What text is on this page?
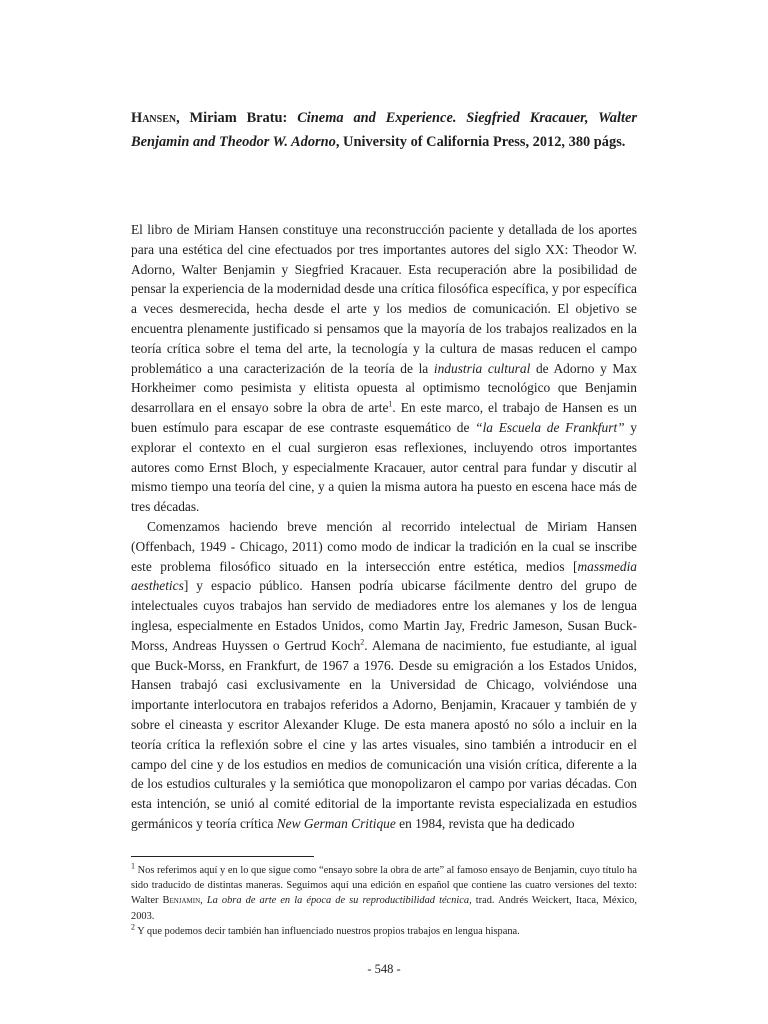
Hansen, Miriam Bratu: Cinema and Experience. Siegfried Kracauer, Walter Benjamin and Theodor W. Adorno, University of California Press, 2012, 380 págs.

El libro de Miriam Hansen constituye una reconstrucción paciente y detallada de los aportes para una estética del cine efectuados por tres importantes autores del siglo XX: Theodor W. Adorno, Walter Benjamin y Siegfried Kracauer. Esta recuperación abre la posibilidad de pensar la experiencia de la modernidad desde una crítica filosófica específica, y por específica a veces desmerecida, hecha desde el arte y los medios de comunicación. El objetivo se encuentra plenamente justificado si pensamos que la mayoría de los trabajos realizados en la teoría crítica sobre el tema del arte, la tecnología y la cultura de masas reducen el campo problemático a una caracterización de la teoría de la industria cultural de Adorno y Max Horkheimer como pesimista y elitista opuesta al optimismo tecnológico que Benjamin desarrollara en el ensayo sobre la obra de arte$^1$. En este marco, el trabajo de Hansen es un buen estímulo para escapar de ese contraste esquemático de “la Escuela de Frankfurt” y explorar el contexto en el cual surgieron esas reflexiones, incluyendo otros importantes autores como Ernst Bloch, y especialmente Kracauer, autor central para fundar y discutir al mismo tiempo una teoría del cine, y a quien la misma autora ha puesto en escena hace más de tres décadas.

Comenzamos haciendo breve mención al recorrido intelectual de Miriam Hansen (Offenbach, 1949 - Chicago, 2011) como modo de indicar la tradición en la cual se inscribe este problema filosófico situado en la intersección entre estética, medios [massmedia aesthetics] y espacio público. Hansen podría ubicarse fácilmente dentro del grupo de intelectuales cuyos trabajos han servido de mediadores entre los alemanes y los de lengua inglesa, especialmente en Estados Unidos, como Martin Jay, Fredric Jameson, Susan Buck-Morss, Andreas Huyssen o Gertrud Koch$^2$. Alemana de nacimiento, fue estudiante, al igual que Buck-Morss, en Frankfurt, de 1967 a 1976. Desde su emigración a los Estados Unidos, Hansen trabajó casi exclusivamente en la Universidad de Chicago, volviéndose una importante interlocutora en trabajos referidos a Adorno, Benjamin, Kracauer y también de y sobre el cineasta y escritor Alexander Kluge. De esta manera apostó no sólo a incluir en la teoría crítica la reflexión sobre el cine y las artes visuales, sino también a introducir en el campo del cine y de los estudios en medios de comunicación una visión crítica, diferente a la de los estudios culturales y la semiótica que monopolizaron el campo por varias décadas. Con esta intención, se unió al comité editorial de la importante revista especializada en estudios germánicos y teoría crítica New German Critique en 1984, revista que ha dedicado

$^1$ Nos referimos aquí y en lo que sigue como “ensayo sobre la obra de arte” al famoso ensayo de Benjamin, cuyo título ha sido traducido de distintas maneras. Seguimos aquí una edición en español que contiene las cuatro versiones del texto: Walter Benjamin, La obra de arte en la época de su reproductibilidad técnica, trad. Andrés Weickert, Itaca, México, 2003.

$^2$ Y que podemos decir también han influenciado nuestros propios trabajos en lengua hispana.

- 548 -
